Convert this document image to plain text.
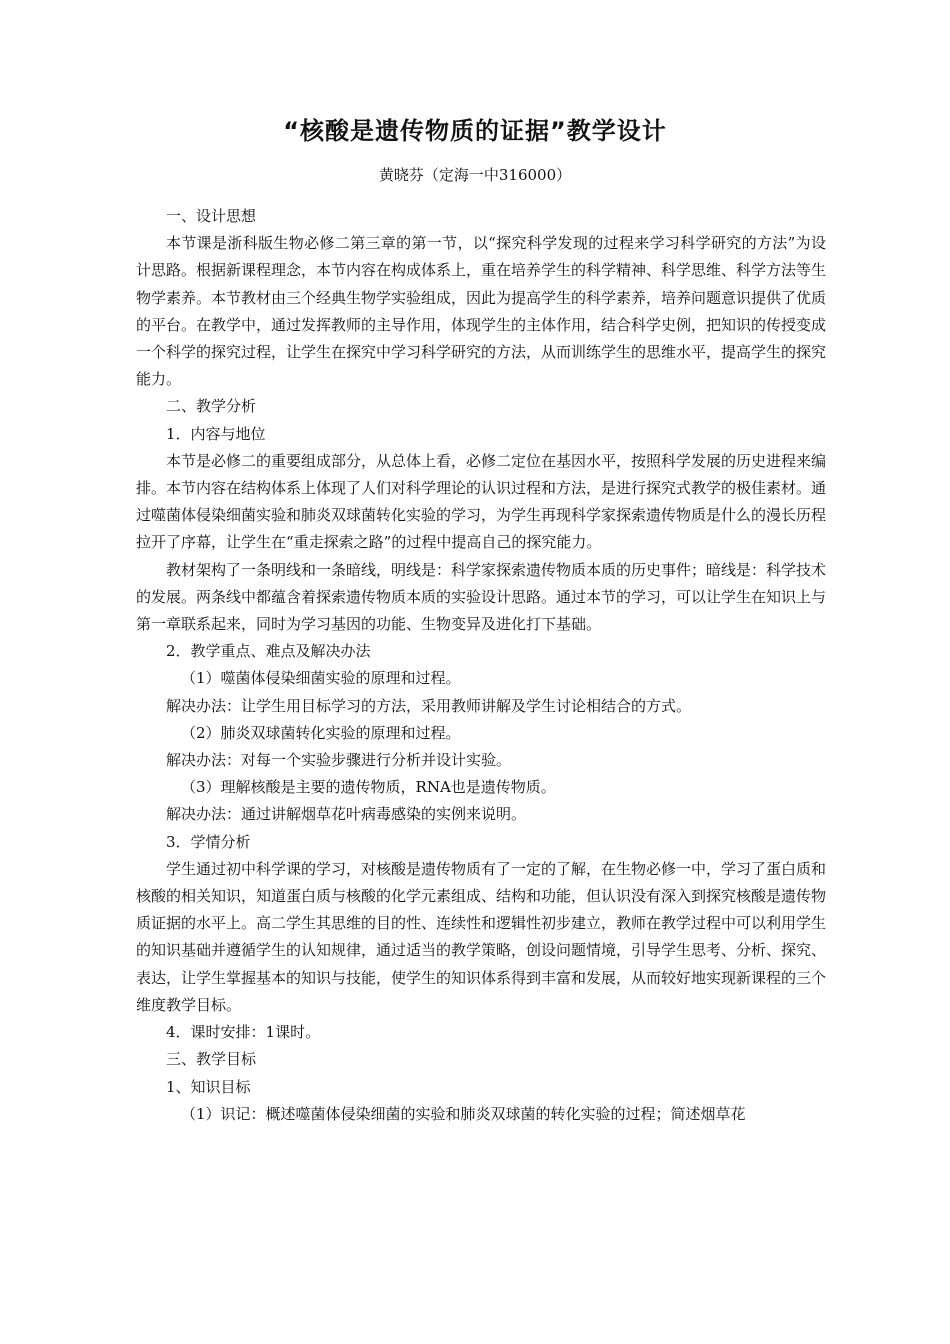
“核酸是遗传物质的证据”教学设计
黄晓芬（定海一中316000）

一、设计思想

本节课是浙科版生物必修二第三章的第一节，以“探究科学发现的过程来学习科学研究的方法”为设计思路。根据新课程理念，本节内容在构成体系上，重在培养学生的科学精神、科学思维、科学方法等生物学素养。本节教材由三个经典生物学实验组成，因此为提高学生的科学素养，培养问题意识提供了优质的平台。在教学中，通过发挥教师的主导作用，体现学生的主体作用，结合科学史例，把知识的传授变成一个科学的探究过程，让学生在探究中学习科学研究的方法，从而训练学生的思维水平，提高学生的探究能力。

二、教学分析

1．内容与地位

本节是必修二的重要组成部分，从总体上看，必修二定位在基因水平，按照科学发展的历史进程来编排。本节内容在结构体系上体现了人们对科学理论的认识过程和方法，是进行探究式教学的极佳素材。通过噬菌体侵染细菌实验和肺炎双球菌转化实验的学习，为学生再现科学家探索遗传物质是什么的漫长历程拉开了序幕，让学生在“重走探索之路”的过程中提高自己的探究能力。

教材架构了一条明线和一条暗线，明线是：科学家探索遗传物质本质的历史事件；暗线是：科学技术的发展。两条线中都蕴含着探索遗传物质本质的实验设计思路。通过本节的学习，可以让学生在知识上与第一章联系起来，同时为学习基因的功能、生物变异及进化打下基础。

2．教学重点、难点及解决办法

（1）噬菌体侵染细菌实验的原理和过程。

解决办法：让学生用目标学习的方法，采用教师讲解及学生讨论相结合的方式。

（2）肺炎双球菌转化实验的原理和过程。

解决办法：对每一个实验步骤进行分析并设计实验。

（3）理解核酸是主要的遗传物质，RNA也是遗传物质。

解决办法：通过讲解烟草花叶病毒感染的实例来说明。

3．学情分析

学生通过初中科学课的学习，对核酸是遗传物质有了一定的了解，在生物必修一中，学习了蛋白质和核酸的相关知识，知道蛋白质与核酸的化学元素组成、结构和功能，但认识没有深入到探究核酸是遗传物质证据的水平上。高二学生其思维的目的性、连续性和逻辑性初步建立，教师在教学过程中可以利用学生的知识基础并遵循学生的认知规律，通过适当的教学策略，创设问题情境，引导学生思考、分析、探究、表达，让学生掌握基本的知识与技能，使学生的知识体系得到丰富和发展，从而较好地实现新课程的三个维度教学目标。

4．课时安排：1课时。

三、教学目标

1、知识目标

（1）识记：概述噬菌体侵染细菌的实验和肺炎双球菌的转化实验的过程；简述烟草花
